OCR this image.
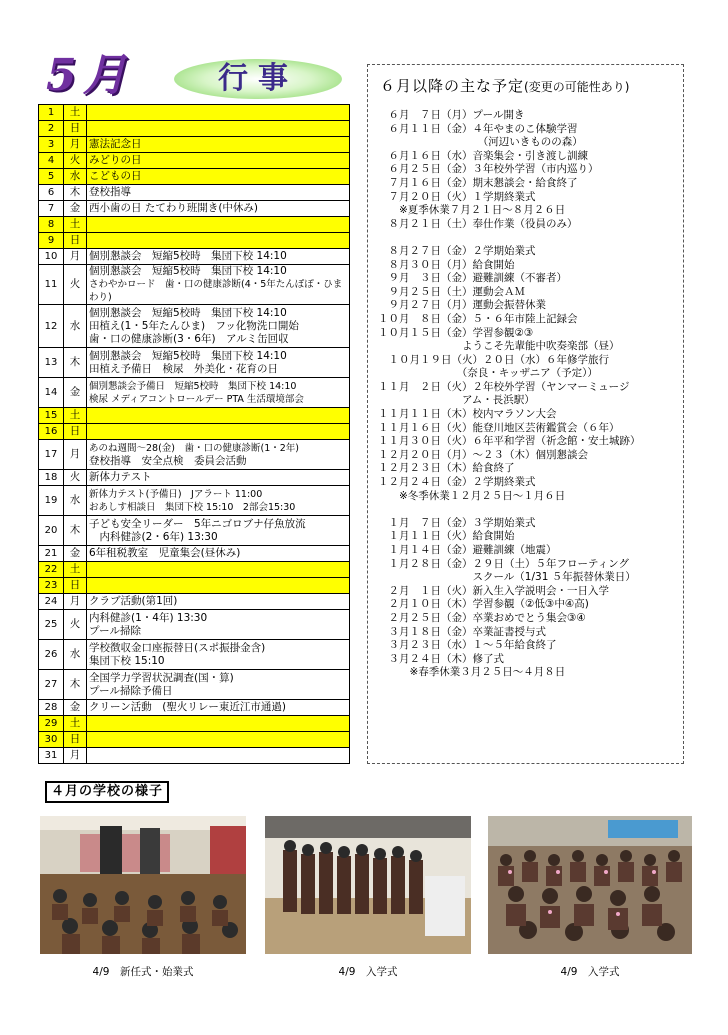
5月	行事
1	土	
2	日	
3	月	憲法記念日

4	火	みどりの日

5	水	こどもの日

6	木	登校指導

7	金	西小歯の日 たてわり班開き(中休み)

8	土	
9	日	
10	月	個別懇談会　短縮5校時　集団下校 14:10

11	火	個別懇談会　短縮5校時　集団下校 14:10
さわやかロード　歯・口の健康診断(4・5年たんぽぽ・ひまわり)

12	水	個別懇談会　短縮5校時　集団下校 14:10
田植え(1・5年たんひま)　フッ化物洗口開始
歯・口の健康診断(3・6年)　アルミ缶回収

13	木	個別懇談会　短縮5校時　集団下校 14:10
田植え予備日　検尿　外美化・花育の日

14	金	個別懇談会予備日　短縮5校時　集団下校 14:10
検尿 メディアコントロールデー PTA 生活環境部会

15	土	
16	日	
17	月	あのね週間～28(金)　歯・口の健康診断(1・2年)
登校指導　安全点検　委員会活動

18	火	新体力テスト

19	水	新体力テスト(予備日)　Jアラート 11:00
おあしす相談日　集団下校 15:10　2部会15:30

20	木	子ども安全リーダー　5年ニゴロブナ仔魚放流
　内科健診(2・6年) 13:30

21	金	6年租税教室　児童集会(昼休み)

22	土	
23	日	
24	月	クラブ活動(第1回)

25	火	内科健診(1・4年) 13:30
プール掃除

26	水	学校徴収金口座振替日(スポ振掛金含)
集団下校 15:10

27	木	全国学力学習状況調査(国・算)
プール掃除予備日

28	金	クリーン活動　(聖火リレー東近江市通過)

29	土	
30	日	
31	月	
６月以降の主な予定(変更の可能性あり)
　６月　７日（月）プール開き
　６月１１日（金）４年やまのこ体験学習
　　　　　　　　　　（河辺いきものの森）
　６月１６日（水）音楽集会・引き渡し訓練
　６月２５日（金）３年校外学習（市内巡り）
　７月１６日（金）期末懇談会・給食終了
　７月２０日（火）１学期終業式
　　※夏季休業７月２１日～８月２６日
　８月２１日（土）奉仕作業（役員のみ）
　８月２７日（金）２学期始業式
　８月３０日（月）給食開始
　９月　３日（金）避難訓練（不審者）
　９月２５日（土）運動会ＡＭ
　９月２７日（月）運動会振替休業
１０月　８日（金）５・６年市陸上記録会
１０月１５日（金）学習参観②③
　　　　　　　　ようこそ先輩能中吹奏楽部（昼）
　１０月１９日（火）２０日（水）６年修学旅行
　　　　　　　　（奈良・キッザニア（予定））
１１月　２日（火）２年校外学習（ヤンマーミュージ
　　　　　　　　アム・長浜駅）
１１月１１日（木）校内マラソン大会
１１月１６日（火）能登川地区芸術鑑賞会（６年）
１１月３０日（火）６年平和学習（祈念館・安土城跡）
１２月２０日（月）～２３（木）個別懇談会
１２月２３日（木）給食終了
１２月２４日（金）２学期終業式
　　※冬季休業１２月２５日～１月６日
　１月　７日（金）３学期始業式
　１月１１日（火）給食開始
　１月１４日（金）避難訓練（地震）
　１月２８日（金）２９日（土）５年フローティング
　　　　　　　　　スクール（1/31 ５年振替休業日）
　２月　１日（火）新入生入学説明会・一日入学
　２月１０日（木）学習参観（②低③中④高)
　２月２５日（金）卒業おめでとう集会③④
　３月１８日（金）卒業証書授与式
　３月２３日（水）１～５年給食終了
　３月２４日（木）修了式
　　　※春季休業３月２５日～４月８日
４月の学校の様子
4/9　新任式・始業式	4/9　入学式	4/9　入学式
